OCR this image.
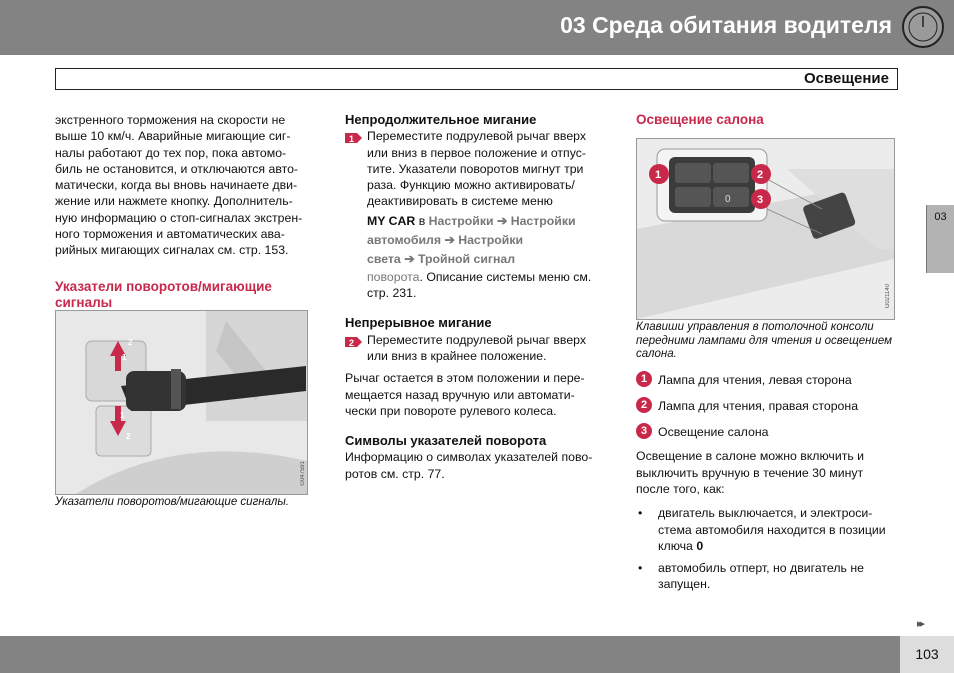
03 Среда обитания водителя
Освещение

экстренного торможения на скорости не
выше 10 км/ч. Аварийные мигающие сиг-
налы работают до тех пор, пока автомо-
биль не остановится, и отключаются авто-
матически, когда вы вновь начинаете дви-
жение или нажмете кнопку. Дополнитель-
ную информацию о стоп-сигналах экстрен-
ного торможения и автоматических ава-
рийных мигающих сигналах см. стр. 153.

Указатели поворотов/мигающие
сигналы
2
1
1
2
G047591

Указатели поворотов/мигающие сигналы.

Непродолжительное мигание
1 Переместите подрулевой рычаг вверх
или вниз в первое положение и отпус-
тите. Указатели поворотов мигнут три
раза. Функцию можно активировать/
деактивировать в системе меню

MY CAR в Настройки ➔ Настройки
автомобиля ➔ Настройки
света ➔ Тройной сигнал

поворота. Описание системы меню см.
стр. 231.
Непрерывное мигание
2 Переместите подрулевой рычаг вверх
или вниз в крайнее положение.

Рычаг остается в этом положении и пере-
мещается назад вручную или автомати-
чески при повороте рулевого колеса.

Символы указателей поворота

Информацию о символах указателей пово-
ротов см. стр. 77.

Освещение салона
0
1	2
3
G021140

Клавиши управления в потолочной консоли
передними лампами для чтения и освещением
салона.

1 Лампа для чтения, левая сторона
2 Лампа для чтения, правая сторона
3 Освещение салона

Освещение в салоне можно включить и
выключить вручную в течение 30 минут
после того, как:

• двигатель выключается, и электроси-
стема автомобиля находится в позиции
ключа 0
• автомобиль отперт, но двигатель не
запущен.
03
▸▸
103
